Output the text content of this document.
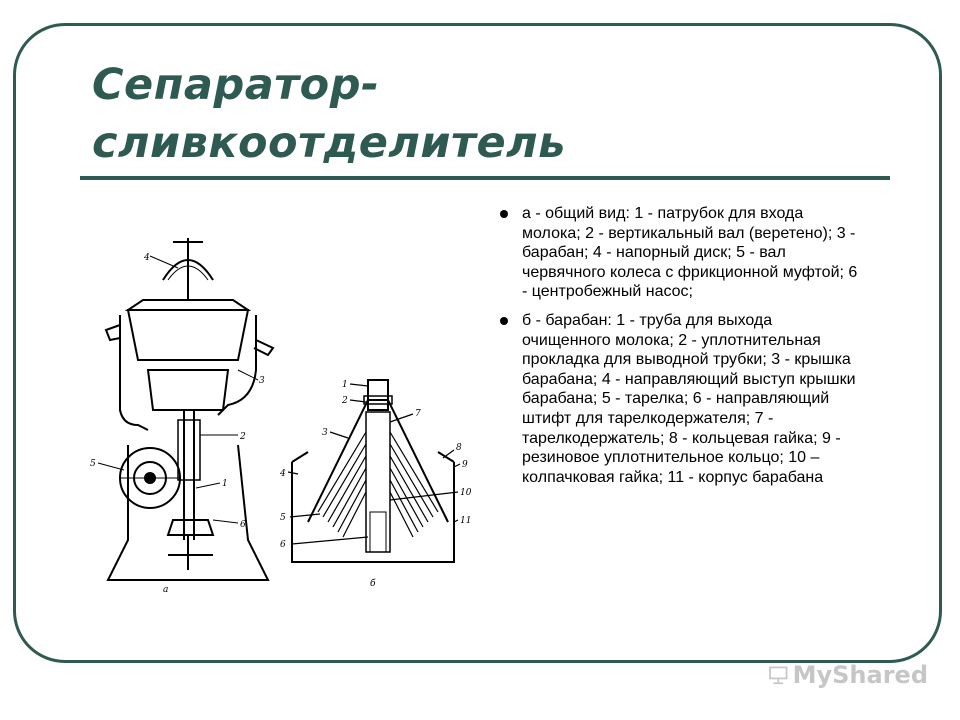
Сепаратор-сливкоотделитель
4
3
2
5
1
6
а
1
2
3
4
5
6
7
8
9
10
11
б
а - общий вид: 1 - патрубок для входа молока; 2 - вертикальный вал (веретено); 3 - барабан; 4 - напорный диск; 5 - вал червячного колеса с фрикционной муфтой; 6 - центробежный насос;
б - барабан: 1 - труба для выхода очищенного молока; 2 - уплотнительная прокладка для выводной трубки; 3 - крышка барабана; 4 - направляющий выступ крышки барабана; 5 - тарелка; 6 - направляющий штифт для тарелкодержателя; 7 - тарелкодержатель; 8 - кольцевая гайка; 9 - резиновое уплотнительное кольцо; 10 – колпачковая гайка; 11 - корпус барабана
MyShared
